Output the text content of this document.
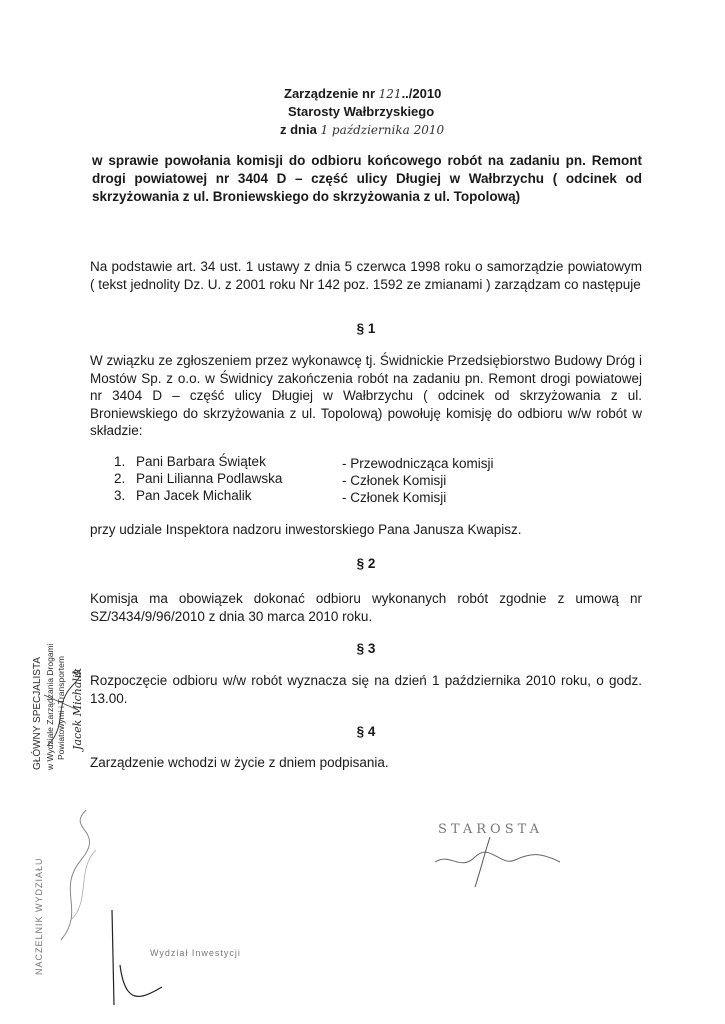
Zarządzenie nr 121../2010
Starosty Wałbrzyskiego
z dnia 1 października 2010
w sprawie powołania komisji do odbioru końcowego robót na zadaniu pn. Remont drogi powiatowej nr 3404 D – część ulicy Długiej w Wałbrzychu ( odcinek od skrzyżowania z ul. Broniewskiego do skrzyżowania z ul. Topolową)
Na podstawie art. 34 ust. 1 ustawy z dnia 5 czerwca 1998 roku o samorządzie powiatowym ( tekst jednolity Dz. U. z 2001 roku Nr 142 poz. 1592 ze zmianami ) zarządzam co następuje
§ 1
W związku ze zgłoszeniem przez wykonawcę tj. Świdnickie Przedsiębiorstwo Budowy Dróg i Mostów Sp. z o.o. w Świdnicy zakończenia robót na zadaniu pn. Remont drogi powiatowej nr 3404 D – część ulicy Długiej w Wałbrzychu ( odcinek od skrzyżowania z ul. Broniewskiego do skrzyżowania z ul. Topolową) powołuję komisję do odbioru w/w robót w składzie:
1. Pani Barbara Świątek	- Przewodnicząca komisji
2. Pani Lilianna Podlawska	- Członek Komisji
3. Pan Jacek Michalik	- Członek Komisji
przy udziale Inspektora nadzoru inwestorskiego Pana Janusza Kwapisz.
§ 2
Komisja ma obowiązek dokonać odbioru wykonanych robót zgodnie z umową nr SZ/3434/9/96/2010 z dnia 30 marca 2010 roku.
§ 3
Rozpoczęcie odbioru w/w robót wyznacza się na dzień 1 października 2010 roku, o godz. 13.00.
§ 4
Zarządzenie wchodzi w życie z dniem podpisania.
GŁÓWNY SPECJALISTA w Wydziale Zarządzania Drogami Powiatowymi i Transportem Jacek Michalik
NACZELNIK WYDZIAŁU
STAROSTA
Wydział Inwestycji
